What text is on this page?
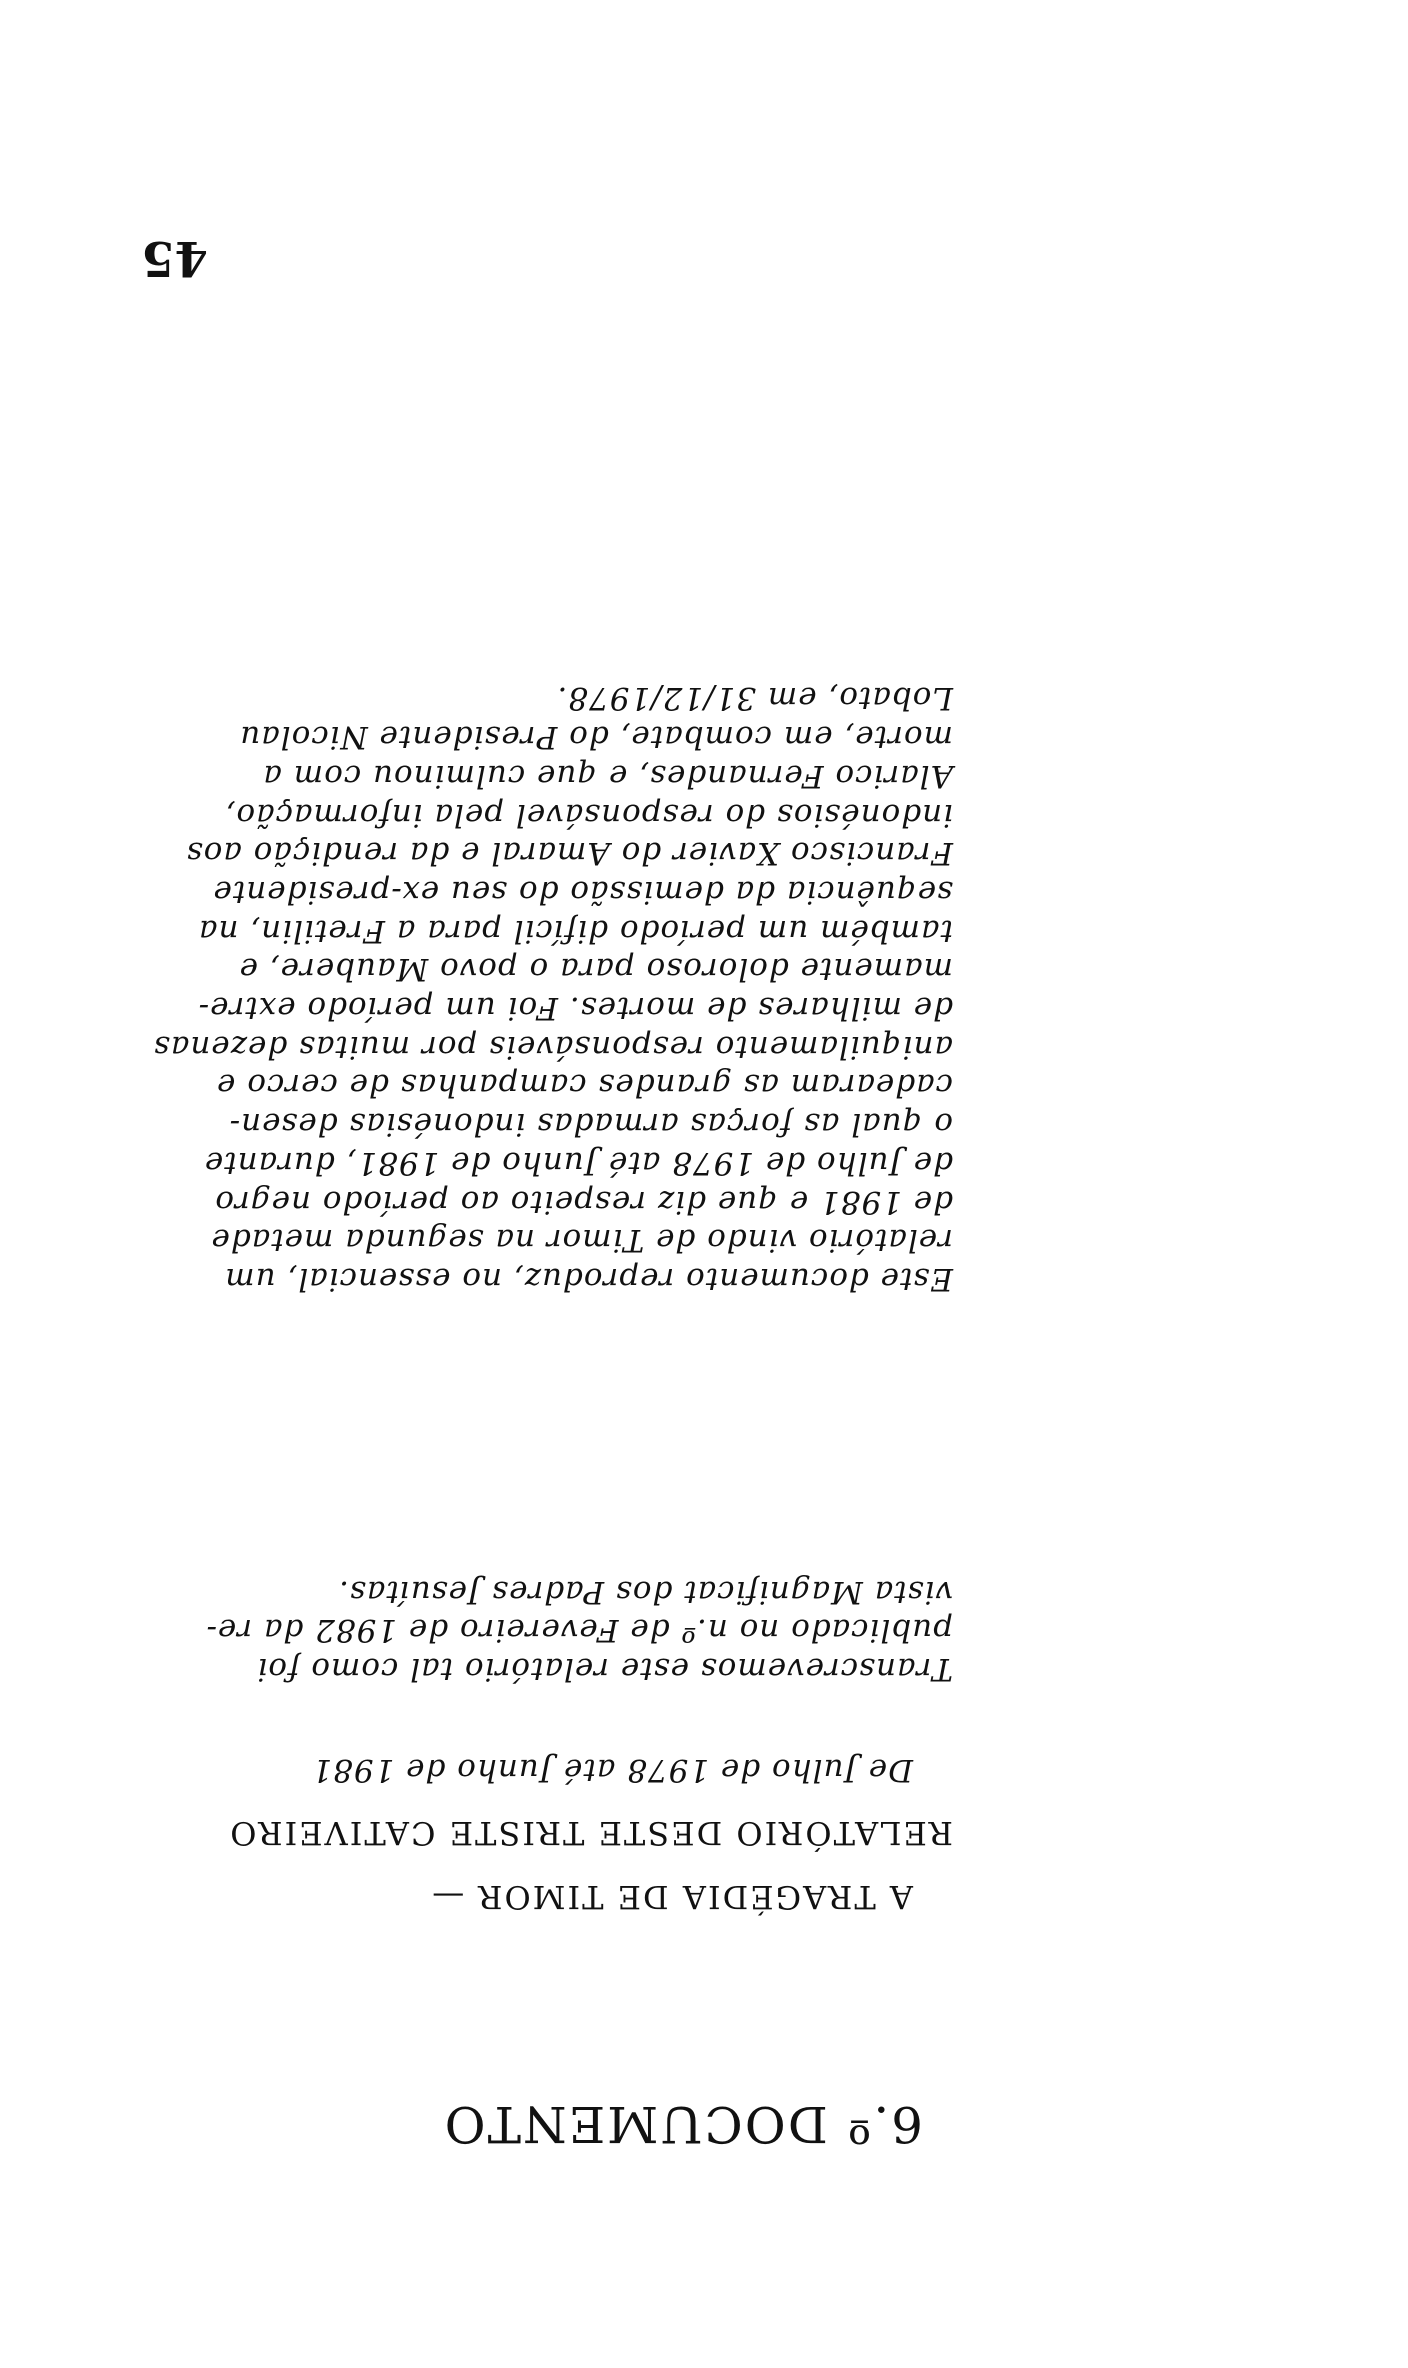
45
Este documento reproduz, no essencial, um
relatório vindo de Timor na segunda metade
de 1981 e que diz respeito ao período negro
de Julho de 1978 até Junho de 1981, durante
o qual as forças armadas indonésias desen-
cadearam as grandes campanhas de cerco e
aniquilamento responsáveis por muitas dezenas
de milhares de mortes. Foi um período extre-
mamente doloroso para o povo Maubere, e
também um período difícil para a Fretilin, na
sequência da demissão do seu ex-presidente
Francisco Xavier do Amaral e da rendição aos
indonésios do responsável pela informação,
Alarico Fernandes, e que culminou com a
morte, em combate, do Presidente Nicolau
Lobato, em 31/12/1978.
Transcrevemos este relatório tal como foi
publicado no n.º de Fevereiro de 1982 da re-
vista Magnificat dos Padres Jesuítas.
A TRAGÉDIA DE TIMOR —
RELATÓRIO DESTE TRISTE CATIVEIRO
De Julho de 1978 até Junho de 1981
6.º DOCUMENTO
